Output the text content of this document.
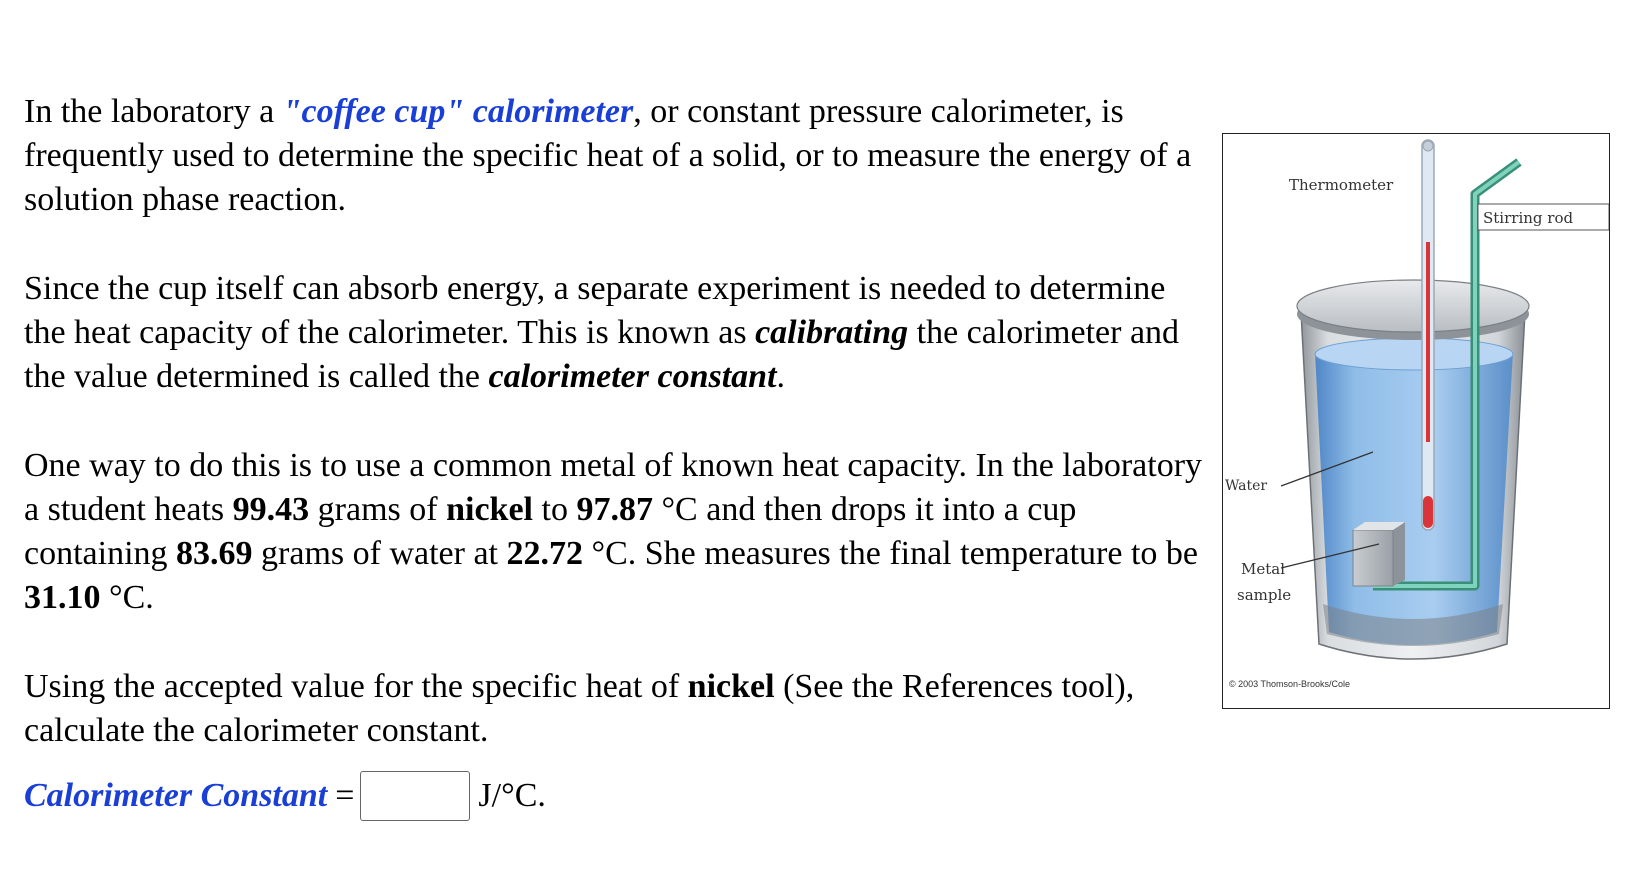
In the laboratory a "coffee cup" calorimeter, or constant pressure calorimeter, is frequently used to determine the specific heat of a solid, or to measure the energy of a solution phase reaction.

Since the cup itself can absorb energy, a separate experiment is needed to determine the heat capacity of the calorimeter. This is known as calibrating the calorimeter and the value determined is called the calorimeter constant.

One way to do this is to use a common metal of known heat capacity. In the laboratory a student heats 99.43 grams of nickel to 97.87 °C and then drops it into a cup containing 83.69 grams of water at 22.72 °C. She measures the final temperature to be 31.10 °C.

Using the accepted value for the specific heat of nickel (See the References tool), calculate the calorimeter constant.

Calorimeter Constant =	J/°C.
Thermometer
Stirring rod
Water
Metal
sample
© 2003 Thomson-Brooks/Cole
